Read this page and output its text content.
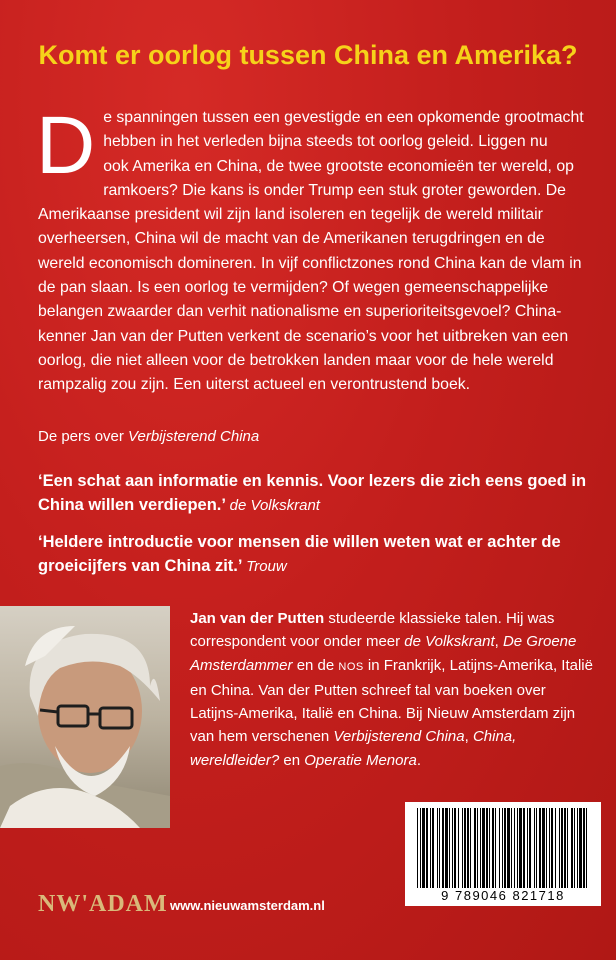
Komt er oorlog tussen China en Amerika?
De spanningen tussen een gevestigde en een opkomende grootmacht
hebben in het verleden bijna steeds tot oorlog geleid. Liggen nu
ook Amerika en China, de twee grootste economieën ter wereld, op
ramkoers? Die kans is onder Trump een stuk groter geworden. De Amerikaanse president wil zijn land isoleren en tegelijk de wereld militair overheersen, China wil de macht van de Amerikanen terugdringen en de wereld economisch domineren. In vijf conflictzones rond China kan de vlam in de pan slaan. Is een oorlog te vermijden? Of wegen gemeenschappelijke belangen zwaarder dan verhit nationalisme en superioriteitsgevoel? China-kenner Jan van der Putten verkent de scenario’s voor het uitbreken van een oorlog, die niet alleen voor de betrokken landen maar voor de hele wereld rampzalig zou zijn. Een uiterst actueel en verontrustend boek.
De pers over Verbijsterend China
‘Een schat aan informatie en kennis. Voor lezers die zich eens goed in China willen verdiepen.’ de Volkskrant
‘Heldere introductie voor mensen die willen weten wat er achter de groeicijfers van China zit.’ Trouw
Jan van der Putten studeerde klassieke talen. Hij was correspondent voor onder meer de Volkskrant, De Groene Amsterdammer en de NOS in Frankrijk, Latijns-Amerika, Italië en China. Van der Putten schreef tal van boeken over Latijns-Amerika, Italië en China. Bij Nieuw Amsterdam zijn van hem verschenen Verbijsterend China, China, wereldleider? en Operatie Menora.
9 789046 821718
NW'ADAM www.nieuwamsterdam.nl
